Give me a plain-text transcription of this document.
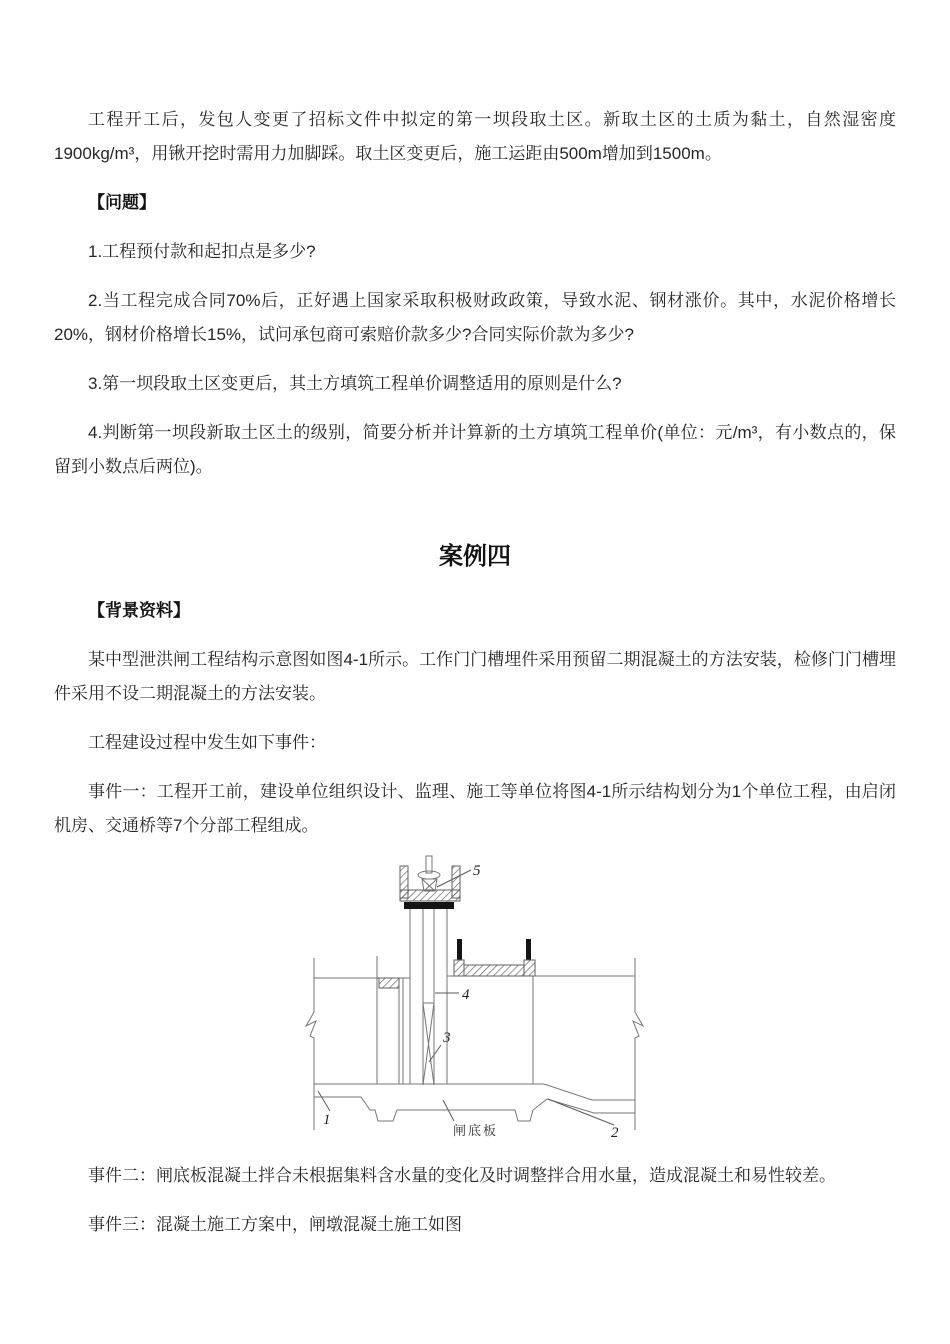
工程开工后，发包人变更了招标文件中拟定的第一坝段取土区。新取土区的土质为黏土，自然湿密度1900kg/m³，用锹开挖时需用力加脚踩。取土区变更后，施工运距由500m增加到1500m。

【问题】

1.工程预付款和起扣点是多少?

2.当工程完成合同70%后，正好遇上国家采取积极财政政策，导致水泥、钢材涨价。其中，水泥价格增长20%，钢材价格增长15%，试问承包商可索赔价款多少?合同实际价款为多少?

3.第一坝段取土区变更后，其土方填筑工程单价调整适用的原则是什么?

4.判断第一坝段新取土区土的级别，简要分析并计算新的土方填筑工程单价(单位：元/m³，有小数点的，保留到小数点后两位)。

案例四

【背景资料】

某中型泄洪闸工程结构示意图如图4-1所示。工作门门槽埋件采用预留二期混凝土的方法安装，检修门门槽埋件采用不设二期混凝土的方法安装。

工程建设过程中发生如下事件：

事件一：工程开工前，建设单位组织设计、监理、施工等单位将图4-1所示结构划分为1个单位工程，由启闭机房、交通桥等7个分部工程组成。

5
4
3
1
2
闸底板

事件二：闸底板混凝土拌合未根据集料含水量的变化及时调整拌合用水量，造成混凝土和易性较差。

事件三：混凝土施工方案中，闸墩混凝土施工如图
